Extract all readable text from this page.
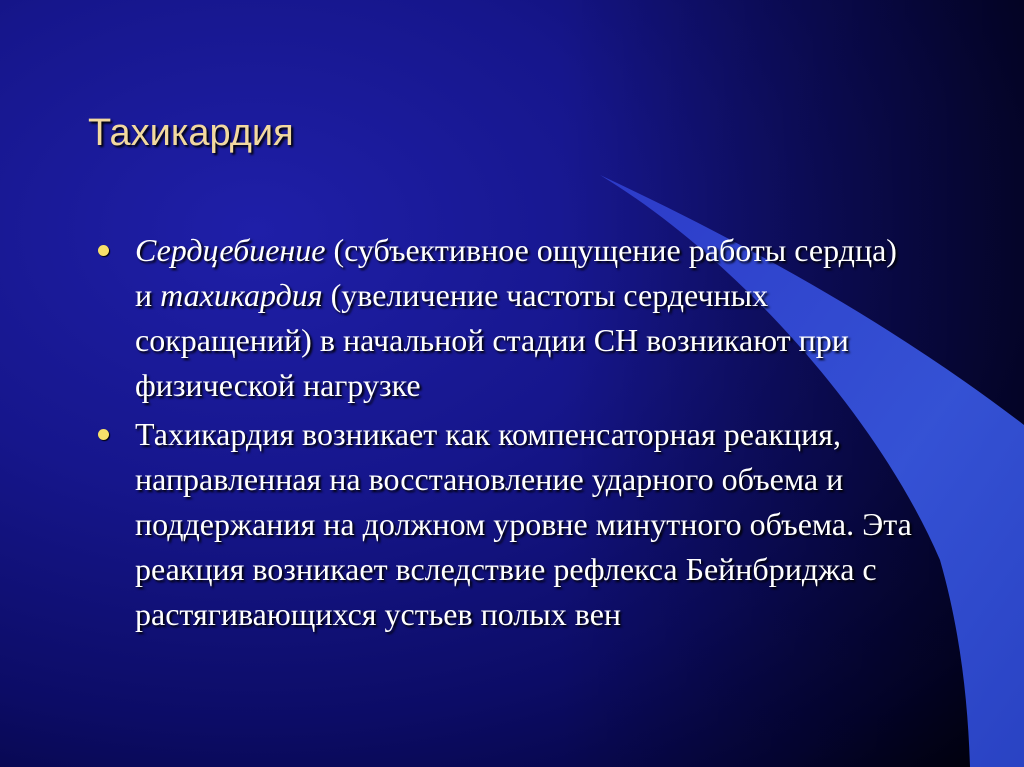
Тахикардия
Сердцебиение (субъективное ощущение работы сердца) и тахикардия (увеличение частоты сердечных сокращений) в начальной стадии СН возникают при физической нагрузке
Тахикардия возникает как компенсаторная реакция, направленная на восстановление ударного объема и поддержания на должном уровне минутного объема. Эта реакция возникает вследствие рефлекса Бейнбриджа с растягивающихся устьев полых вен
